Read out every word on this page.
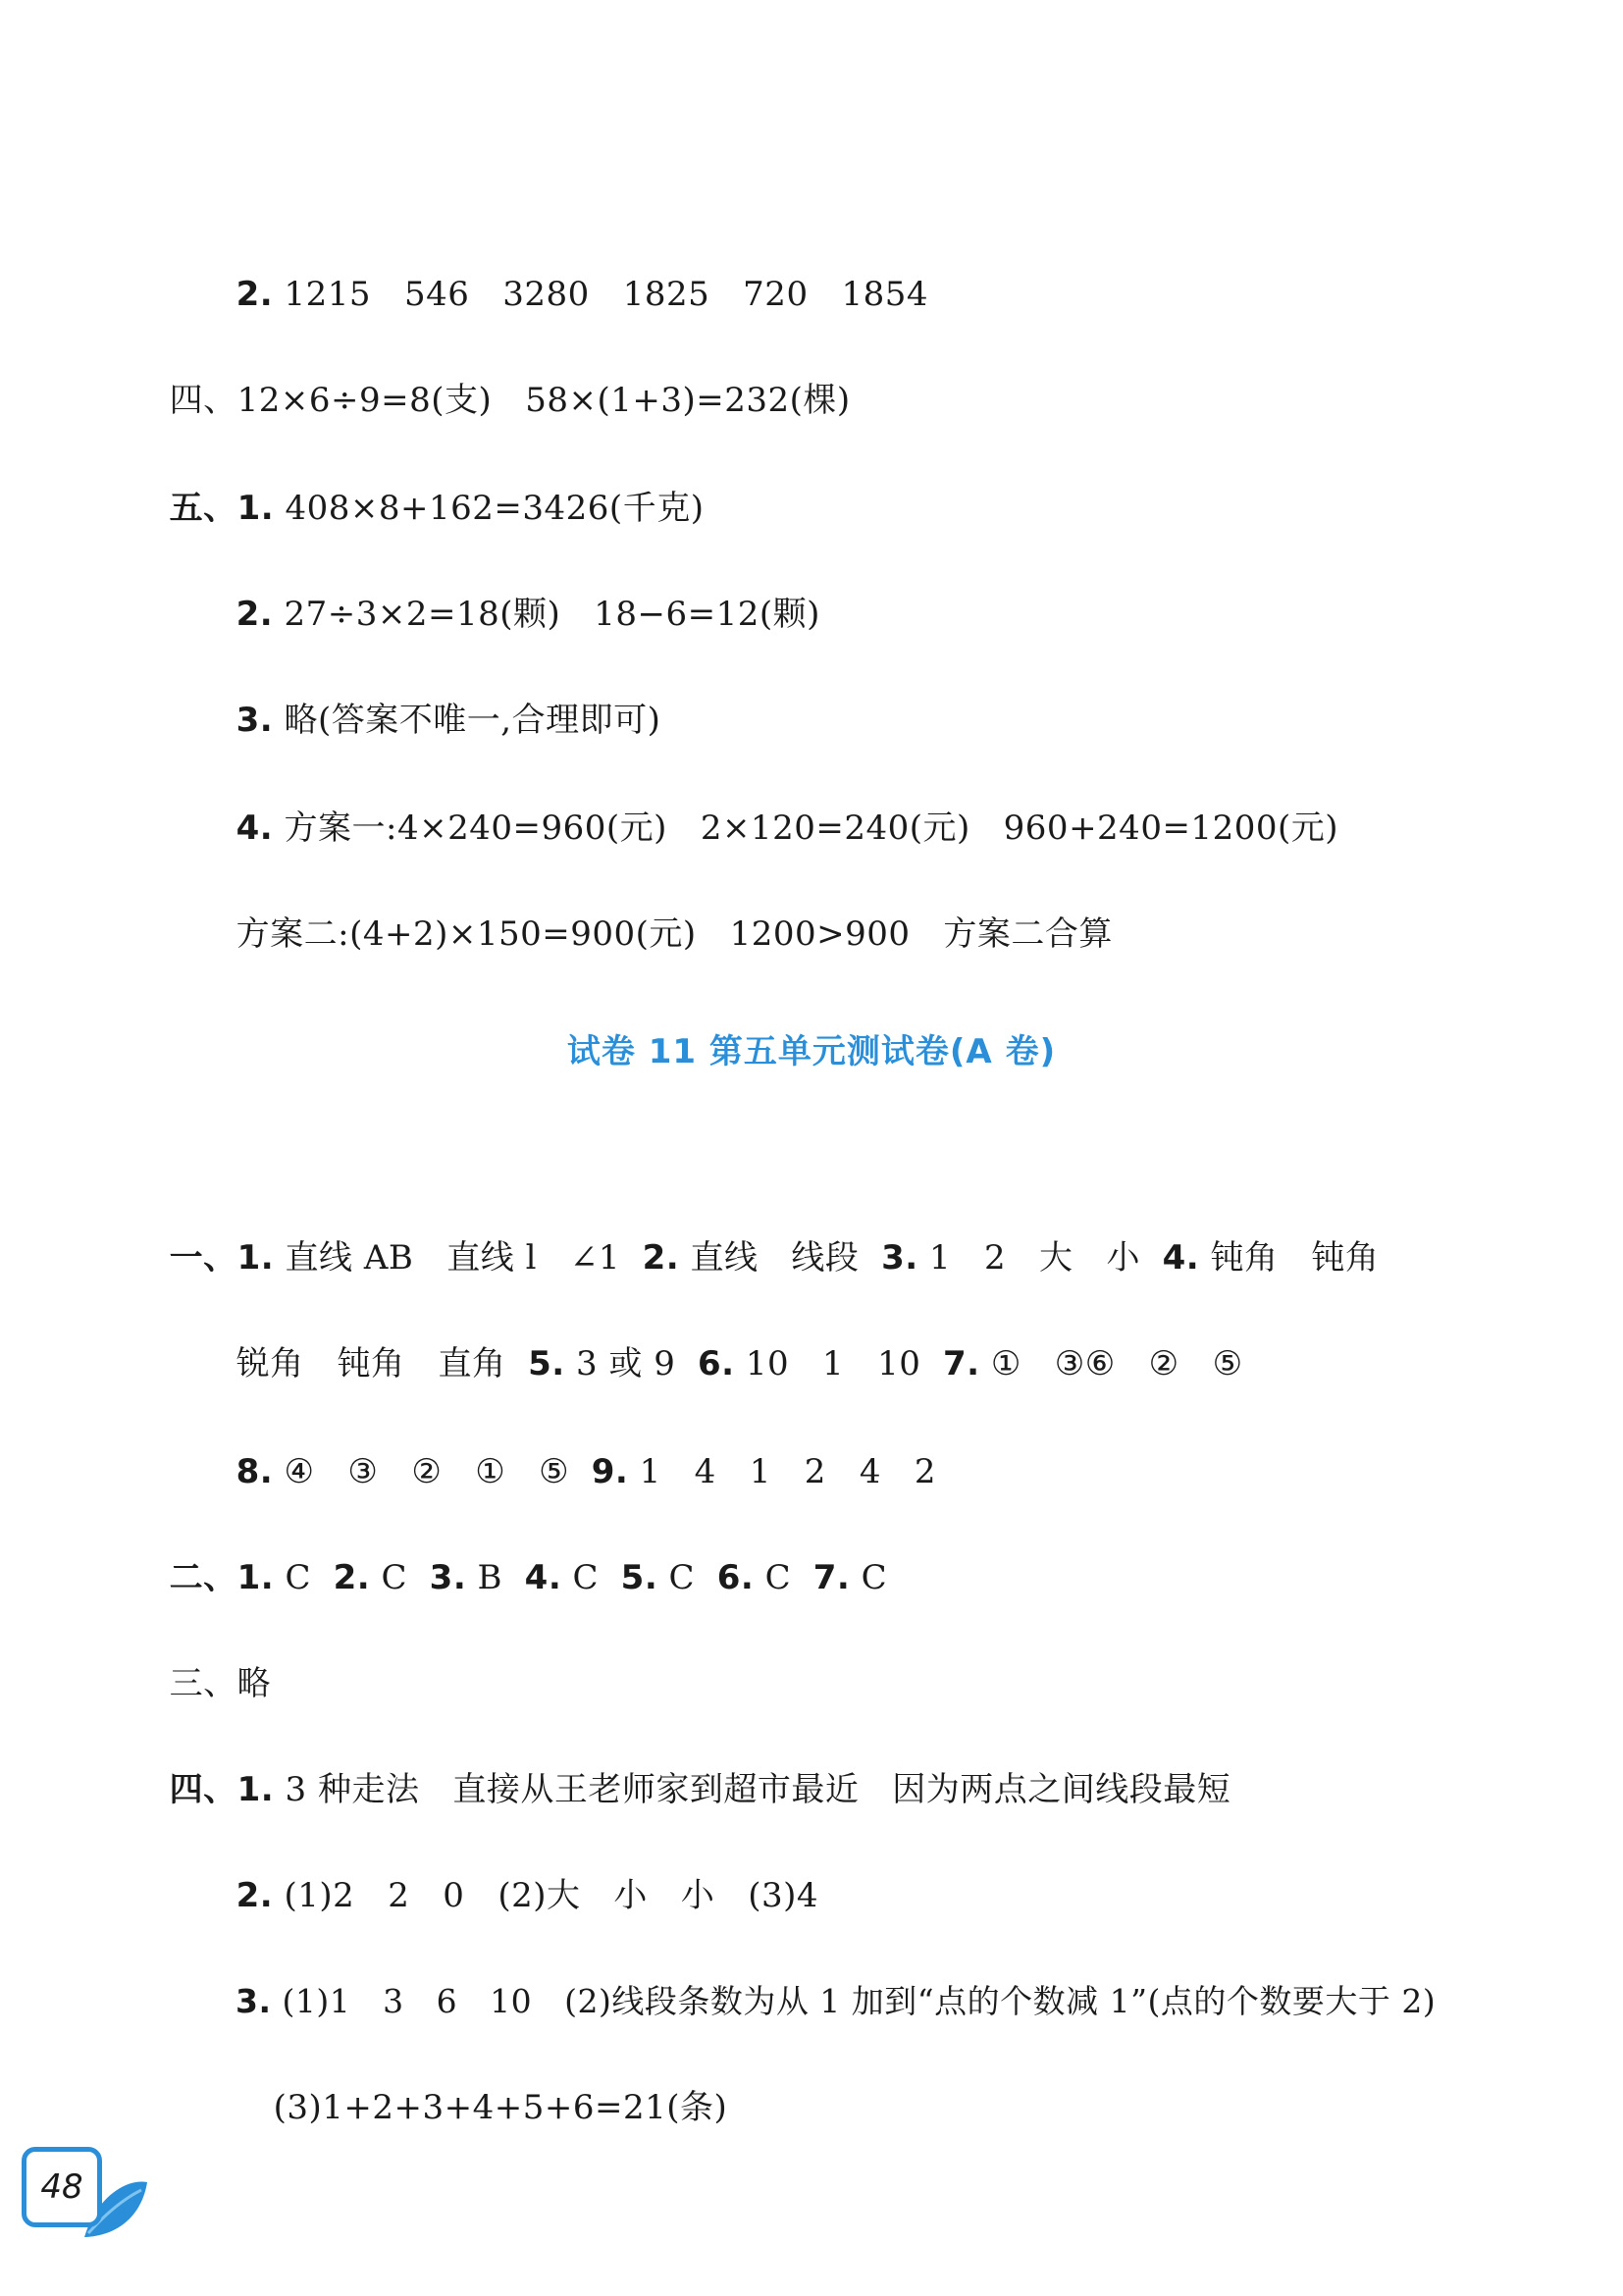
2. 1215   546   3280   1825   720   1854

四、12×6÷9=8(支)   58×(1+3)=232(棵)

五、1. 408×8+162=3426(千克)

2. 27÷3×2=18(颗)   18−6=12(颗)

3. 略(答案不唯一,合理即可)

4. 方案一:4×240=960(元)   2×120=240(元)   960+240=1200(元)

方案二:(4+2)×150=900(元)   1200>900   方案二合算

试卷 11 第五单元测试卷(A 卷)

一、1. 直线 AB   直线 l   ∠1  2. 直线   线段  3. 1   2   大   小  4. 钝角   钝角

锐角   钝角   直角  5. 3 或 9  6. 10   1   10  7. ①   ③⑥   ②   ⑤

8. ④   ③   ②   ①   ⑤  9. 1   4   1   2   4   2

二、1. C  2. C  3. B  4. C  5. C  6. C  7. C

三、略

四、1. 3 种走法   直接从王老师家到超市最近   因为两点之间线段最短

2. (1)2   2   0   (2)大   小   小   (3)4

3. (1)1   3   6   10   (2)线段条数为从 1 加到“点的个数减 1”(点的个数要大于 2)

(3)1+2+3+4+5+6=21(条)

48
